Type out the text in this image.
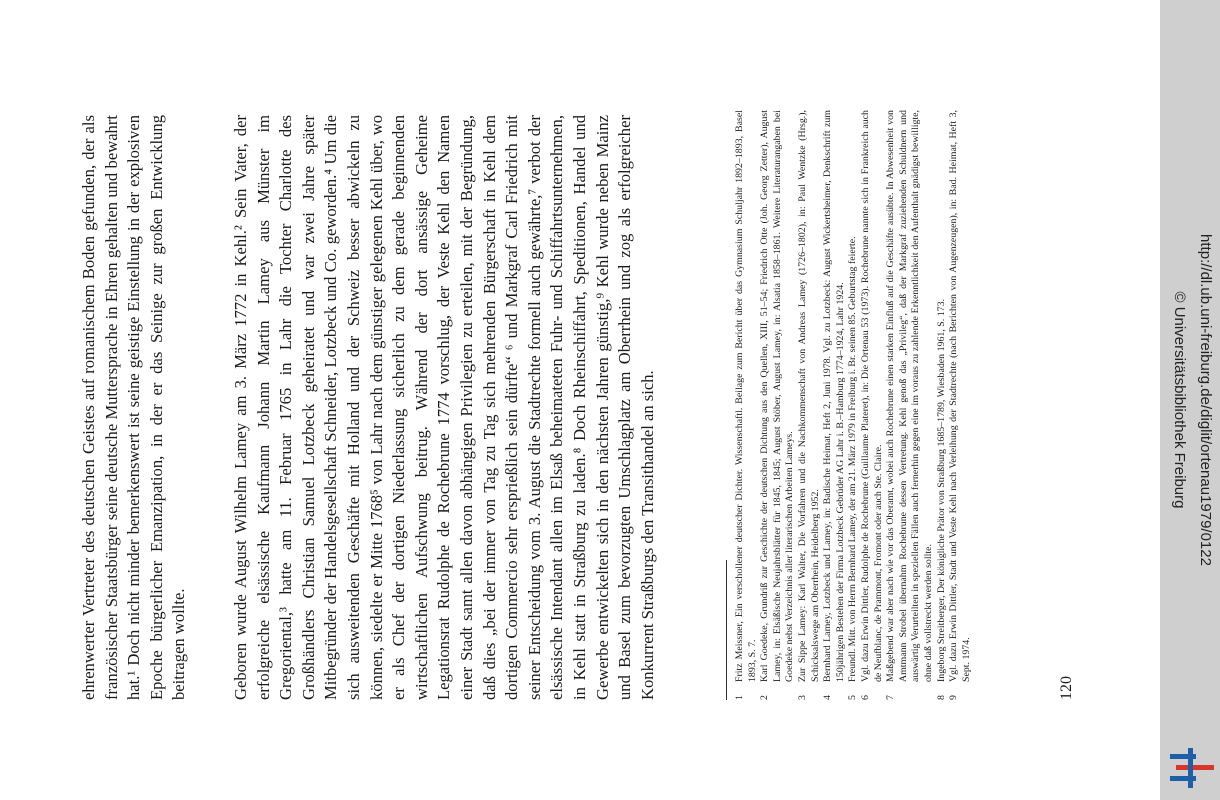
ehrenwerter Vertreter des deutschen Geistes auf romanischem Boden gefunden, der als französischer Staatsbürger seine deutsche Muttersprache in Ehren gehalten und bewahrt hat.¹ Doch nicht minder bemerkenswert ist seine geistige Einstellung in der explosiven Epoche bürgerlicher Emanzipation, in der er das Seinige zur großen Entwicklung beitragen wollte.	Geboren wurde August Wilhelm Lamey am 3. März 1772 in Kehl.² Sein Vater, der erfolgreiche elsässische Kaufmann Johann Martin Lamey aus Münster im Gregoriental,³ hatte am 11. Februar 1765 in Lahr die Tochter Charlotte des Großhändlers Christian Samuel Lotzbeck geheiratet und war zwei Jahre später Mitbegründer der Handelsgesellschaft Schneider, Lotzbeck und Co. geworden.⁴ Um die sich ausweitenden Geschäfte mit Holland und der Schweiz besser abwickeln zu können, siedelte er Mitte 1768⁵ von Lahr nach dem günstiger gelegenen Kehl über, wo er als Chef der dortigen Niederlassung sicherlich zu dem gerade beginnenden wirtschaftlichen Aufschwung beitrug. Während der dort ansässige Geheime Legationsrat Rudolphe de Rochebrune 1774 vorschlug, der Veste Kehl den Namen einer Stadt samt allen davon abhängigen Privilegien zu erteilen, mit der Begründung, daß dies „bei der immer von Tag zu Tag sich mehrenden Bürgerschaft in Kehl dem dortigen Commercio sehr ersprießlich sein dürfte“ ⁶ und Markgraf Carl Friedrich mit seiner Entscheidung vom 3. August die Stadtrechte formell auch gewährte,⁷ verbot der elsässische Intendant allen im Elsaß beheimateten Fuhr- und Schiffahrtsunternehmen, in Kehl statt in Straßburg zu laden.⁸ Doch Rheinschiffahrt, Speditionen, Handel und Gewerbe entwickelten sich in den nächsten Jahren günstig,⁹ Kehl wurde neben Mainz und Basel zum bevorzugten Umschlagplatz am Oberrhein und zog als erfolgreicher Konkurrent Straßburgs den Transithandel an sich.	1
Fritz Meissner, Ein verschollener deutscher Dichter. Wissenschaftl. Beilage zum Bericht über das Gymnasium Schuljahr 1892–1893, Basel 1893, S. 7.
2
Karl Goedeke, Grundriß zur Geschichte der deutschen Dichtung aus den Quellen, XIII, 51–54; Friedrich Otte (Joh. Georg Zetter), August Lamey, in: Elsäßische Neujahrsblätter für 1845, 1845; August Stöber, August Lamey, in: Alsatia 1858–1861. Weitere Literaturangaben bei Goedeke nebst Verzeichnis aller literarischen Arbeiten Lameys.
3
Zur Sippe Lamey: Karl Walter, Die Vorfahren und die Nachkommenschaft von Andreas Lamey (1726–1802), in: Paul Wentzke (Hrsg.), Schicksalswege am Oberrhein, Heidelberg 1952.
4
Bernhard Lamey, Lotzbeck und Lamey, in: Badische Heimat, Heft 2, Juni 1978. Vgl. zu Lotzbeck: August Wickertsheimer, Denkschrift zum 150jährigen Bestehen der Firma Lotzbeck Gebrüder AG Lahr i. B.–Hamburg 1774–1924, Lahr 1924.
5
Freundl. Mitt. von Herrn Bernhard Lamey, der am 21. März 1979 in Freiburg i. Br. seinen 85. Geburtstag feierte.
6
Vgl. dazu Erwin Dittler, Rudolphe de Rochebrune (Guillaume Plateret), in: Die Ortenau 53 (1973). Rochebrune nannte sich in Frankreich auch de Neufblanc, de Prammont, Fromont oder auch Ste. Claire.
7
Maßgebend war aber nach wie vor das Oberamt, wobei auch Rochebrune einen starken Einfluß auf die Geschäfte ausübte. In Abwesenheit von Amtmann Strobel übernahm Rochebrune dessen Vertretung. Kehl genoß das „Privileg“, daß der Markgraf zuziehenden Schuldnern und auswärtig Verurteilten in speziellen Fällen auch fernerhin gegen eine im voraus zu zahlende Erkenntlichkeit den Aufenthalt gnädigst bewilligte, ohne daß vollstreckt werden sollte.
8
Ingeborg Streitberger, Der königliche Prätor von Straßburg 1685–1789, Wiesbaden 1961, S. 173.
9
Vgl. dazu Erwin Dittler, Stadt und Veste Kehl nach Verleihung der Stadtrechte (nach Berichten von Augenzeugen), in: Bad. Heimat, Heft 3, Sept. 1974.
120
http://dl.ub.uni-freiburg.de/diglit/ortenau1979/0122
© Universitätsbibliothek Freiburg
